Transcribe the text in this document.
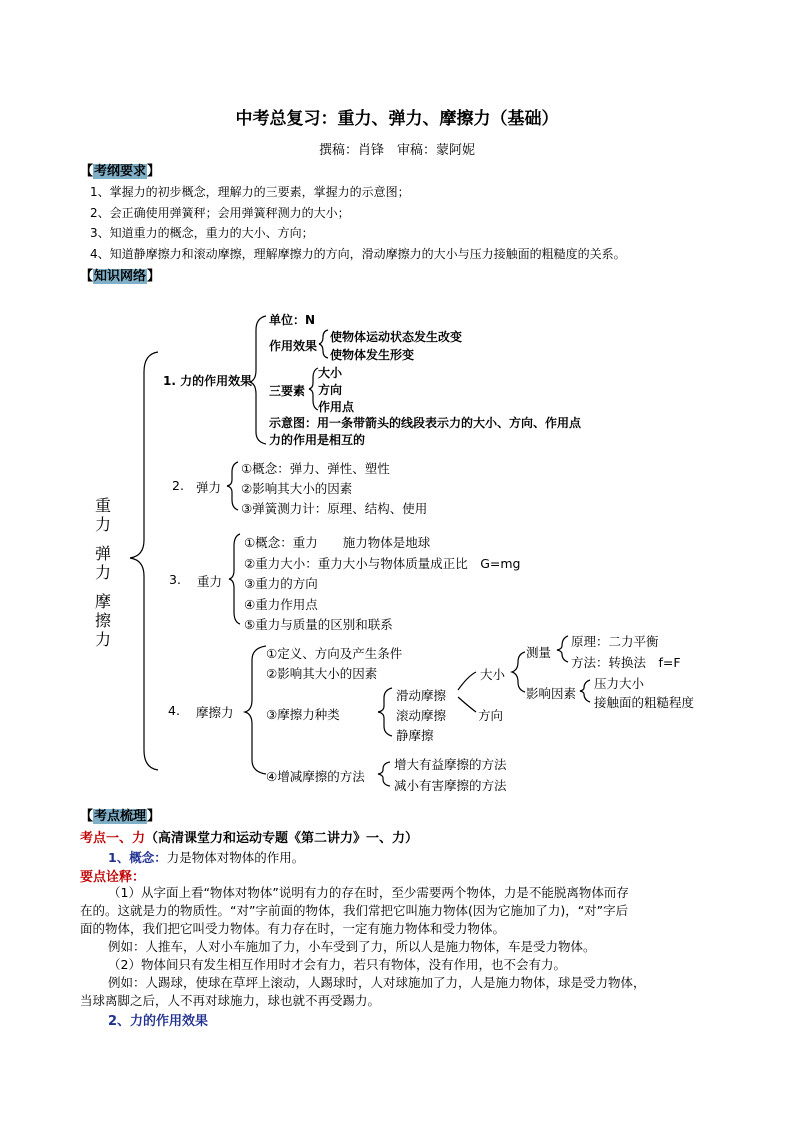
中考总复习：重力、弹力、摩擦力（基础）
撰稿：肖锋　审稿：蒙阿妮
【考纲要求】
1、掌握力的初步概念，理解力的三要素，掌握力的示意图；
2、会正确使用弹簧秤；会用弹簧秤测力的大小；
3、知道重力的概念，重力的大小、方向；
4、知道静摩擦力和滚动摩擦，理解摩擦力的方向，滑动摩擦力的大小与压力接触面的粗糙度的关系。
【知识网络】
重
力
弹
力
摩
擦
力
1. 力的作用效果
单位：N
作用效果
使物体运动状态发生改变
使物体发生形变
三要素
大小
方向
作用点
示意图：用一条带箭头的线段表示力的大小、方向、作用点
力的作用是相互的
2. 弹力
①概念：弹力、弹性、塑性
②影响其大小的因素
③弹簧测力计：原理、结构、使用
3. 重力
①概念：重力　　施力物体是地球
②重力大小：重力大小与物体质量成正比　G=mg
③重力的方向
④重力作用点
⑤重力与质量的区别和联系
4. 摩擦力
①定义、方向及产生条件
②影响其大小的因素
③摩擦力种类
滑动摩擦
滚动摩擦
静摩擦
大小
方向
测量
原理：二力平衡
方法：转换法　f=F
影响因素
压力大小
接触面的粗糙程度
④增减摩擦的方法
增大有益摩擦的方法
减小有害摩擦的方法
【考点梳理】
考点一、力（高清课堂力和运动专题《第二讲力》一、力）
1、概念：力是物体对物体的作用。
要点诠释：
（1）从字面上看“物体对物体”说明有力的存在时，至少需要两个物体，力是不能脱离物体而存
在的。这就是力的物质性。“对”字前面的物体，我们常把它叫施力物体(因为它施加了力)，“对”字后
面的物体，我们把它叫受力物体。有力存在时，一定有施力物体和受力物体。
例如：人推车，人对小车施加了力，小车受到了力，所以人是施力物体，车是受力物体。
（2）物体间只有发生相互作用时才会有力，若只有物体，没有作用，也不会有力。
例如：人踢球，使球在草坪上滚动，人踢球时，人对球施加了力，人是施力物体，球是受力物体，
当球离脚之后，人不再对球施力，球也就不再受踢力。
2、力的作用效果
